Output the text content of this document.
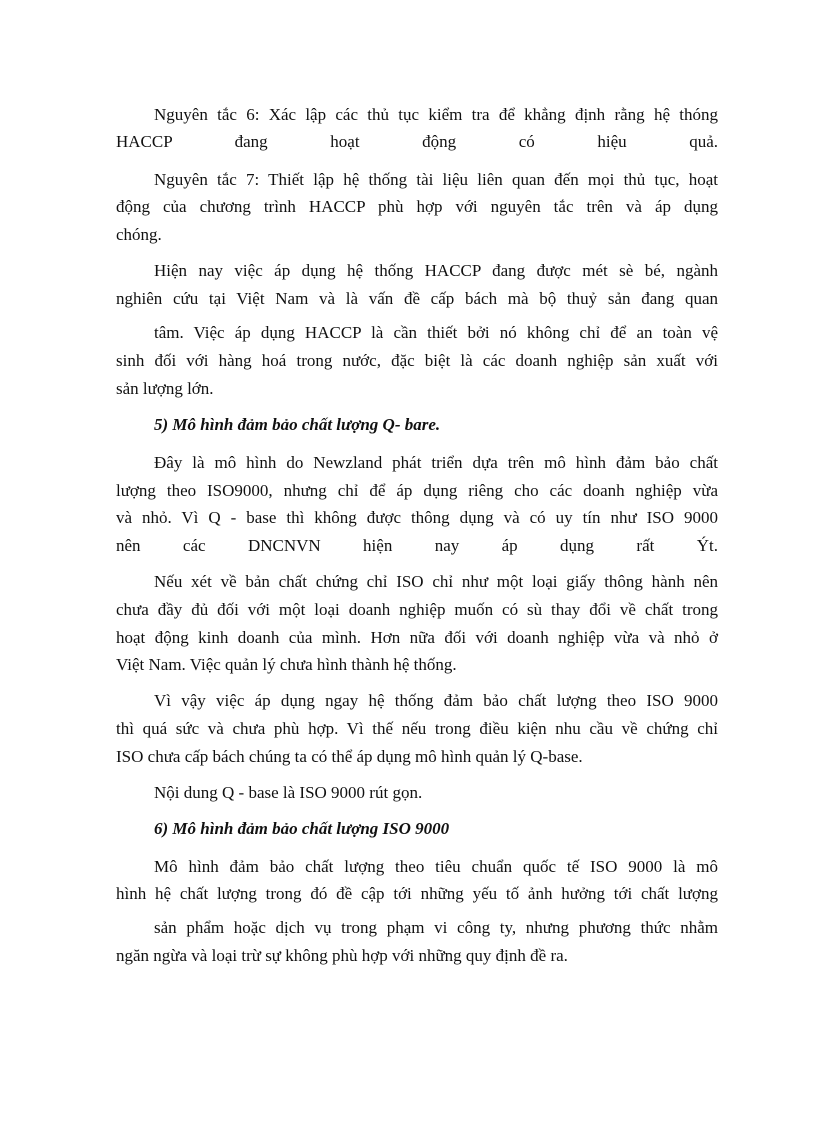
Nguyên tắc 6: Xác lập các thủ tục kiểm tra để khẳng định rằng hệ thóng
HACCP đang hoạt động có hiệu quả.
Nguyên tắc 7: Thiết lập hệ thống tài liệu liên quan đến mọi thủ tục, hoạt
động của chương trình HACCP phù hợp với nguyên tắc trên và áp dụng
chóng.
Hiện nay việc áp dụng hệ thống HACCP đang được mét sè bé, ngành
nghiên cứu tại Việt Nam và là vấn đề cấp bách mà bộ thuỷ sản đang quan
tâm. Việc áp dụng HACCP là cần thiết bởi nó không chỉ để an toàn vệ
sinh đối với hàng hoá trong nước, đặc biệt là các doanh nghiệp sản xuất với
sản lượng lớn.
5) Mô hình đảm bảo chất lượng Q- bare.
Đây là mô hình do Newzland phát triển dựa trên mô hình đảm bảo chất
lượng theo ISO9000, nhưng chỉ để áp dụng riêng cho các doanh nghiệp vừa
và nhỏ. Vì Q - base thì không được thông dụng và có uy tín như ISO 9000
nên các DNCNVN hiện nay áp dụng rất Ýt.
Nếu xét về bản chất chứng chỉ ISO chỉ như một loại giấy thông hành nên
chưa đầy đủ đối với một loại doanh nghiệp muốn có sù thay đổi về chất trong
hoạt động kinh doanh của mình. Hơn nữa đối với doanh nghiệp vừa và nhỏ ở
Việt Nam. Việc quản lý chưa hình thành hệ thống.
Vì vậy việc áp dụng ngay hệ thống đảm bảo chất lượng theo ISO 9000
thì quá sức và chưa phù hợp. Vì thế nếu trong điều kiện nhu cầu về chứng chỉ
ISO chưa cấp bách chúng ta có thể áp dụng mô hình quản lý Q-base.
Nội dung Q - base là ISO 9000 rút gọn.
6) Mô hình đảm bảo chất lượng ISO 9000
Mô hình đảm bảo chất lượng theo tiêu chuẩn quốc tế ISO 9000 là mô
hình hệ chất lượng trong đó đề cập tới những yếu tố ảnh hưởng tới chất lượng
sản phẩm hoặc dịch vụ trong phạm vi công ty, nhưng phương thức nhằm
ngăn ngừa và loại trừ sự không phù hợp với những quy định đề ra.
